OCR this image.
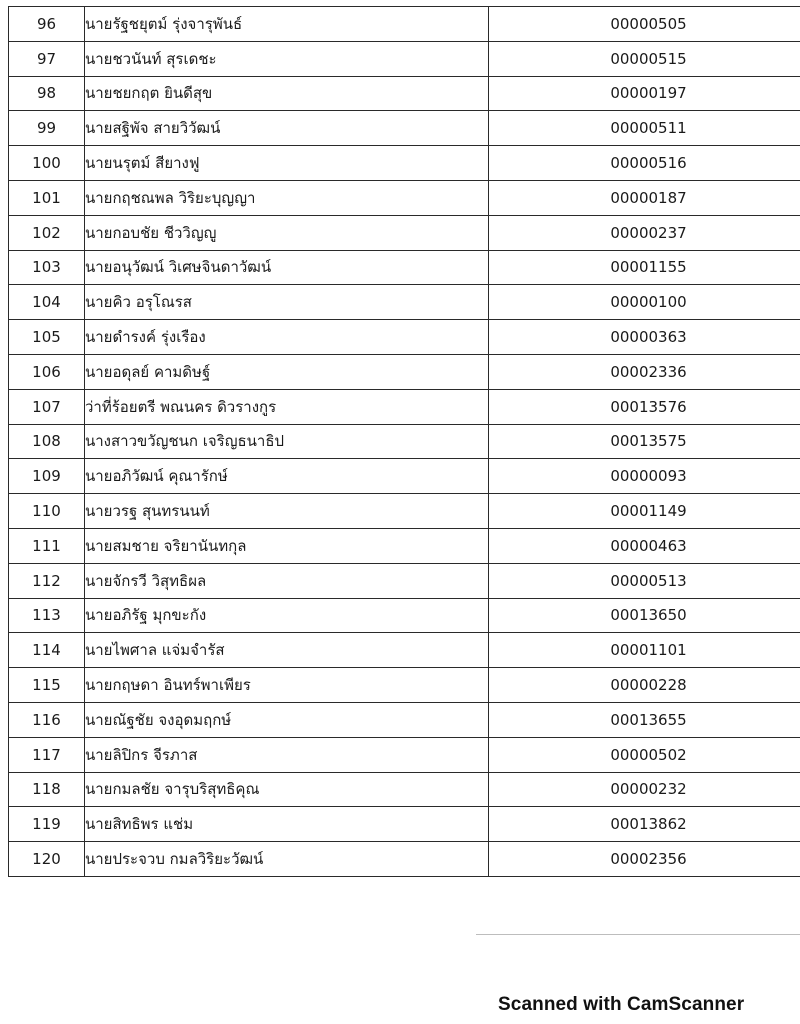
96	นายรัฐชยุตม์ รุ่งจารุพันธ์	00000505
97	นายชวนันท์ สุรเดชะ	00000515
98	นายชยกฤต ยินดีสุข	00000197
99	นายสฐิพัจ สายวิวัฒน์	00000511
100	นายนรุตม์ สียางฟู	00000516
101	นายกฤชณพล วิริยะบุญญา	00000187
102	นายกอบชัย ชีววิญญู	00000237
103	นายอนุวัฒน์ วิเศษจินดาวัฒน์	00001155
104	นายคิว อรุโณรส	00000100
105	นายดำรงค์ รุ่งเรือง	00000363
106	นายอดุลย์ คามดิษฐ์	00002336
107	ว่าที่ร้อยตรี พณนคร ดิวรางกูร	00013576
108	นางสาวขวัญชนก เจริญธนาธิป	00013575
109	นายอภิวัฒน์ คุณารักษ์	00000093
110	นายวรฐ สุนทรนนท์	00001149
111	นายสมชาย จริยานันทกุล	00000463
112	นายจักรวี วิสุทธิผล	00000513
113	นายอภิรัฐ มุกขะกัง	00013650
114	นายไพศาล แจ่มจำรัส	00001101
115	นายกฤษดา อินทร์พาเพียร	00000228
116	นายณัฐชัย จงอุดมฤกษ์	00013655
117	นายลิปิกร จีรภาส	00000502
118	นายกมลชัย จารุบริสุทธิคุณ	00000232
119	นายสิทธิพร แช่ม	00013862
120	นายประจวบ กมลวิริยะวัฒน์	00002356
Scanned with CamScanner
